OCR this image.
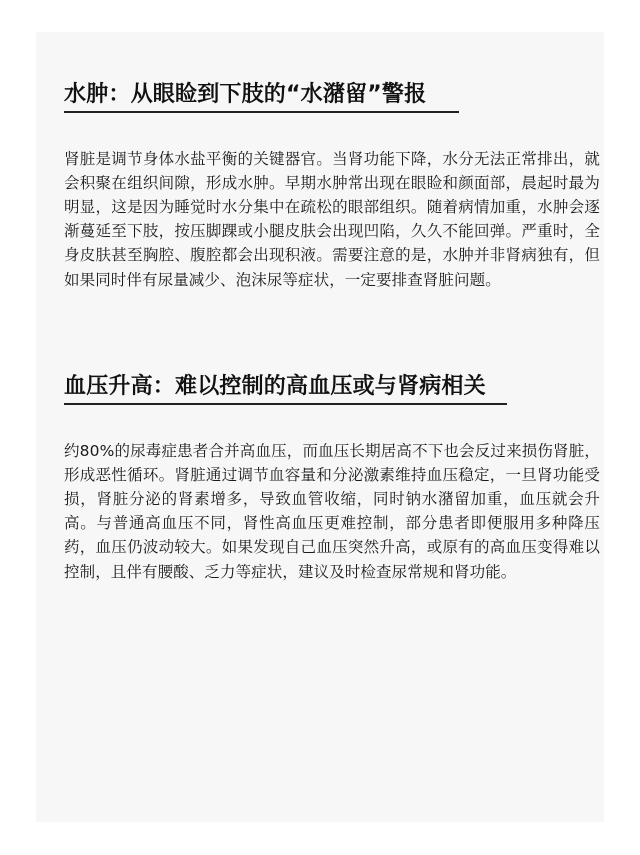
水肿：从眼睑到下肢的“水潴留”警报

肾脏是调节身体水盐平衡的关键器官。当肾功能下降，水分无法正常排出，就会积聚在组织间隙，形成水肿。早期水肿常出现在眼睑和颜面部，晨起时最为明显，这是因为睡觉时水分集中在疏松的眼部组织。随着病情加重，水肿会逐渐蔓延至下肢，按压脚踝或小腿皮肤会出现凹陷，久久不能回弹。严重时，全身皮肤甚至胸腔、腹腔都会出现积液。需要注意的是，水肿并非肾病独有，但如果同时伴有尿量减少、泡沫尿等症状，一定要排查肾脏问题。

血压升高：难以控制的高血压或与肾病相关

约80%的尿毒症患者合并高血压，而血压长期居高不下也会反过来损伤肾脏，形成恶性循环。肾脏通过调节血容量和分泌激素维持血压稳定，一旦肾功能受损，肾脏分泌的肾素增多，导致血管收缩，同时钠水潴留加重，血压就会升高。与普通高血压不同，肾性高血压更难控制，部分患者即便服用多种降压药，血压仍波动较大。如果发现自己血压突然升高，或原有的高血压变得难以控制，且伴有腰酸、乏力等症状，建议及时检查尿常规和肾功能。
